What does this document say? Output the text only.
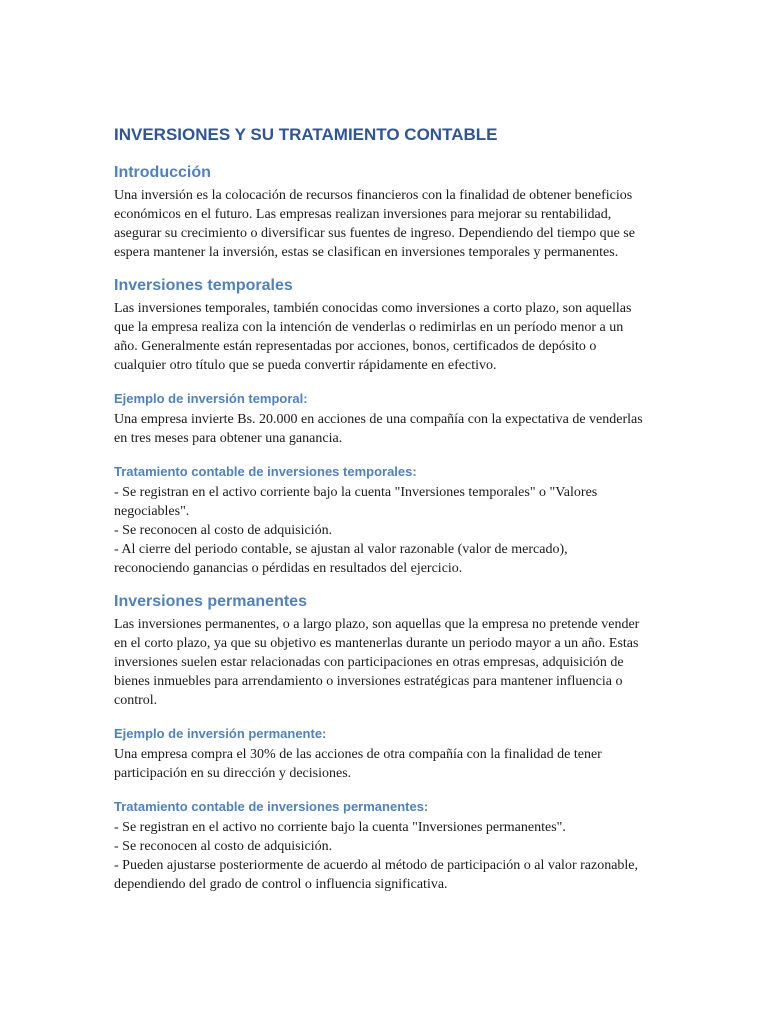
INVERSIONES Y SU TRATAMIENTO CONTABLE
Introducción

Una inversión es la colocación de recursos financieros con la finalidad de obtener beneficios económicos en el futuro. Las empresas realizan inversiones para mejorar su rentabilidad, asegurar su crecimiento o diversificar sus fuentes de ingreso. Dependiendo del tiempo que se espera mantener la inversión, estas se clasifican en inversiones temporales y permanentes.

Inversiones temporales

Las inversiones temporales, también conocidas como inversiones a corto plazo, son aquellas que la empresa realiza con la intención de venderlas o redimirlas en un período menor a un año. Generalmente están representadas por acciones, bonos, certificados de depósito o cualquier otro título que se pueda convertir rápidamente en efectivo.

Ejemplo de inversión temporal:

Una empresa invierte Bs. 20.000 en acciones de una compañía con la expectativa de venderlas en tres meses para obtener una ganancia.

Tratamiento contable de inversiones temporales:

- Se registran en el activo corriente bajo la cuenta "Inversiones temporales" o "Valores negociables".

- Se reconocen al costo de adquisición.

- Al cierre del periodo contable, se ajustan al valor razonable (valor de mercado), reconociendo ganancias o pérdidas en resultados del ejercicio.

Inversiones permanentes

Las inversiones permanentes, o a largo plazo, son aquellas que la empresa no pretende vender en el corto plazo, ya que su objetivo es mantenerlas durante un periodo mayor a un año. Estas inversiones suelen estar relacionadas con participaciones en otras empresas, adquisición de bienes inmuebles para arrendamiento o inversiones estratégicas para mantener influencia o control.

Ejemplo de inversión permanente:

Una empresa compra el 30% de las acciones de otra compañía con la finalidad de tener participación en su dirección y decisiones.

Tratamiento contable de inversiones permanentes:

- Se registran en el activo no corriente bajo la cuenta "Inversiones permanentes".

- Se reconocen al costo de adquisición.

- Pueden ajustarse posteriormente de acuerdo al método de participación o al valor razonable, dependiendo del grado de control o influencia significativa.
